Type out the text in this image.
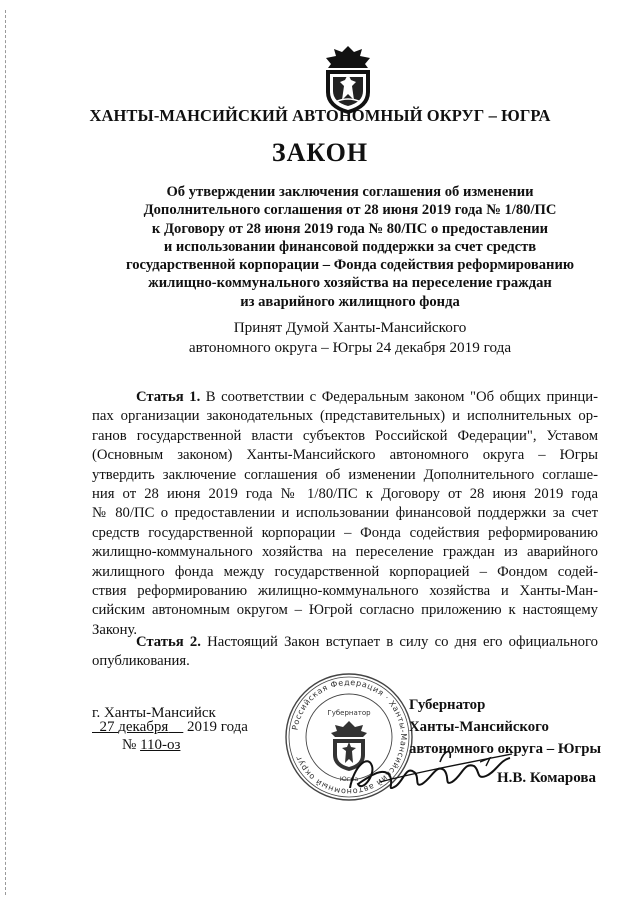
ХАНТЫ-МАНСИЙСКИЙ АВТОНОМНЫЙ ОКРУГ – ЮГРА
ЗАКОН
Об утверждении заключения соглашения об изменении
Дополнительного соглашения от 28 июня 2019 года № 1/80/ПС
к Договору от 28 июня 2019 года № 80/ПС о предоставлении
и использовании финансовой поддержки за счет средств
государственной корпорации – Фонда содействия реформированию
жилищно-коммунального хозяйства на переселение граждан
из аварийного жилищного фонда
Принят Думой Ханты-Мансийского
автономного округа – Югры 24 декабря 2019 года
Статья 1. В соответствии с Федеральным законом "Об общих принци-
пах организации законодательных (представительных) и исполнительных ор-
ганов государственной власти субъектов Российской Федерации", Уставом
(Основным законом) Ханты-Мансийского автономного округа – Югры
утвердить заключение соглашения об изменении Дополнительного соглаше-
ния от 28 июня 2019 года № 1/80/ПС к Договору от 28 июня 2019 года
№ 80/ПС о предоставлении и использовании финансовой поддержки за счет
средств государственной корпорации – Фонда содействия реформированию
жилищно-коммунального хозяйства на переселение граждан из аварийного
жилищного фонда между государственной корпорацией – Фондом содей-
ствия реформированию жилищно-коммунального хозяйства и Ханты-Ман-
сийским автономным округом – Югрой согласно приложению к настоящему
Закону.
Статья 2. Настоящий Закон вступает в силу со дня его официального
опубликования.
г. Ханты-Мансийск
27 декабря 2019 года
№ 110-оз
Российская Федерация · Ханты-Мансийский автономный округ
Губернатор
Югра
Губернатор
Ханты-Мансийского
автономного округа – Югры
Н.В. Комарова
